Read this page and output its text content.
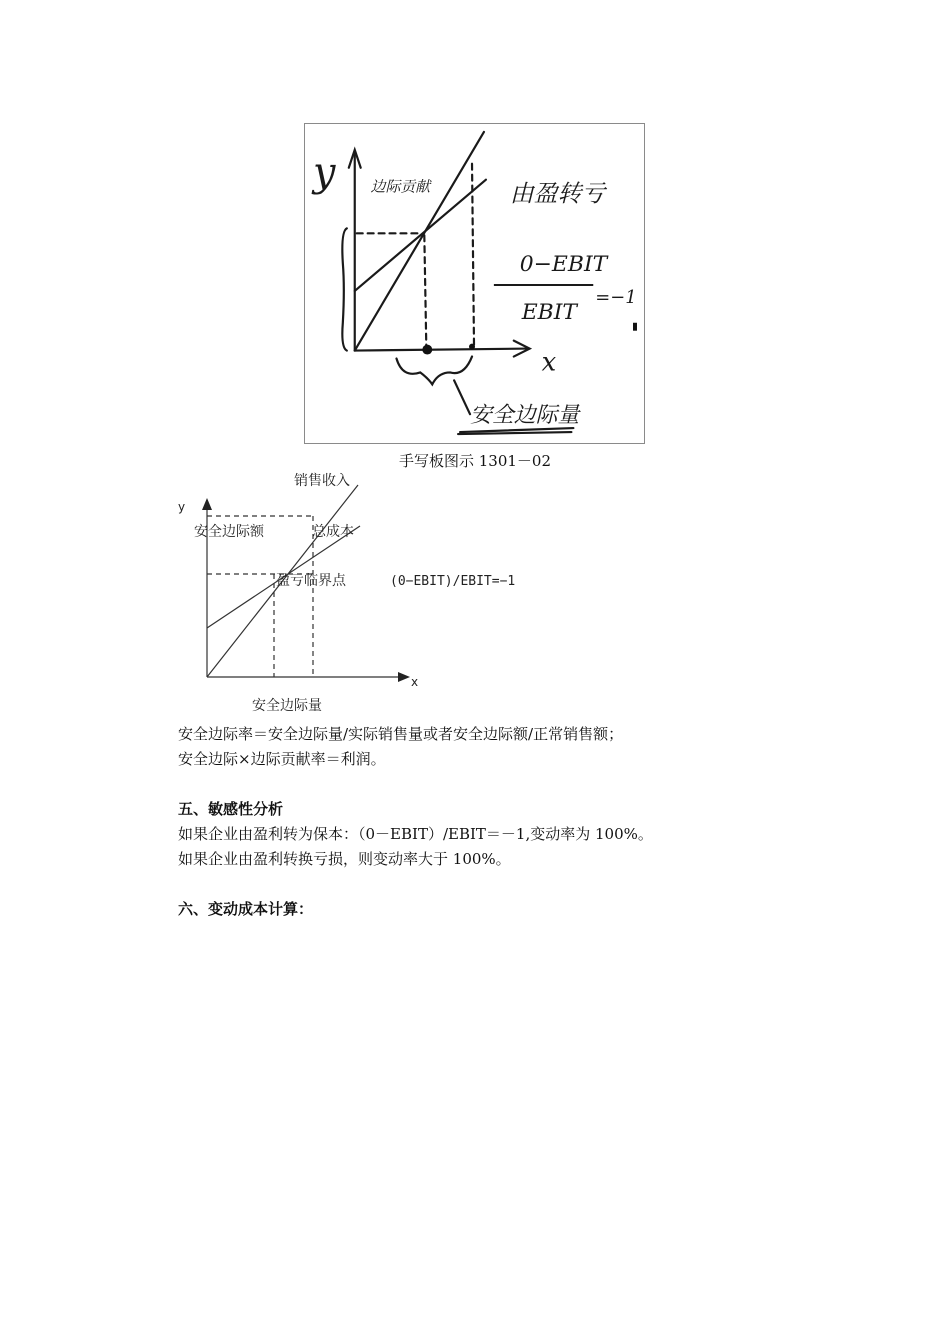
y 边际贡献	由盈转亏
0−EBIT
EBIT
=−1
x
安全边际量
手写板图示 1301－02
销售收入
y
x
安全边际额	总成本
盈亏临界点	(0−EBIT)/EBIT=−1
安全边际量
安全边际率＝安全边际量/实际销售量或者安全边际额/正常销售额；
安全边际×边际贡献率＝利润。
五、敏感性分析
如果企业由盈利转为保本：（0－EBIT）/EBIT＝－1,变动率为 100%。
如果企业由盈利转换亏损，则变动率大于 100%。
六、变动成本计算：
